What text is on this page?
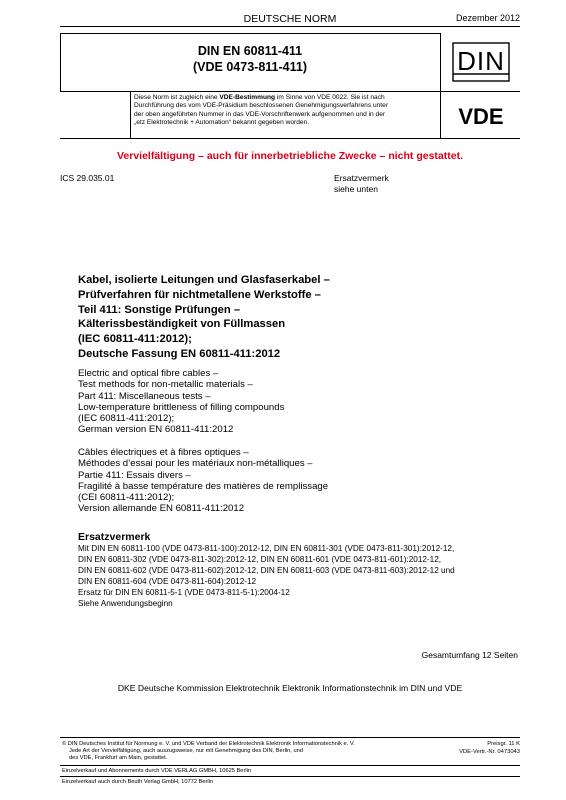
DEUTSCHE NORM	Dezember 2012
DIN EN 60811-411
(VDE 0473-811-411)	DIN
Diese Norm ist zugleich eine VDE-Bestimmung im Sinne von VDE 0022. Sie ist nach
Durchführung des vom VDE-Präsidium beschlossenen Genehmigungsverfahrens unter
der oben angeführten Nummer in das VDE-Vorschriftenwerk aufgenommen und in der
„etz Elektrotechnik + Automation“ bekannt gegeben worden.	VDE
Vervielfältigung – auch für innerbetriebliche Zwecke – nicht gestattet.
ICS 29.035.01	Ersatzvermerk
siehe unten
Kabel, isolierte Leitungen und Glasfaserkabel –
Prüfverfahren für nichtmetallene Werkstoffe –
Teil 411: Sonstige Prüfungen –
Kälterissbeständigkeit von Füllmassen
(IEC 60811-411:2012);
Deutsche Fassung EN 60811-411:2012
Electric and optical fibre cables –
Test methods for non-metallic materials –
Part 411: Miscellaneous tests –
Low-temperature brittleness of filling compounds
(IEC 60811-411:2012);
German version EN 60811-411:2012
Câbles électriques et à fibres optiques –
Méthodes d’essai pour les matériaux non-métalliques –
Partie 411: Essais divers –
Fragilité à basse température des matières de remplissage
(CEI 60811-411:2012);
Version allemande EN 60811-411:2012
Ersatzvermerk
Mit DIN EN 60811-100 (VDE 0473-811-100):2012-12, DIN EN 60811-301 (VDE 0473-811-301):2012-12,
DIN EN 60811-302 (VDE 0473-811-302):2012-12, DIN EN 60811-601 (VDE 0473-811-601):2012-12,
DIN EN 60811-602 (VDE 0473-811-602):2012-12, DIN EN 60811-603 (VDE 0473-811-603):2012-12 und
DIN EN 60811-604 (VDE 0473-811-604):2012-12
Ersatz für DIN EN 60811-5-1 (VDE 0473-811-5-1):2004-12
Siehe Anwendungsbeginn
Gesamtumfang 12 Seiten
DKE Deutsche Kommission Elektrotechnik Elektronik Informationstechnik im DIN und VDE
© DIN Deutsches Institut für Normung e. V. und VDE Verband der Elektrotechnik Elektronik Informationstechnik e. V.
Jede Art der Vervielfältigung, auch auszugsweise, nur mit Genehmigung des DIN, Berlin, und
des VDE, Frankfurt am Main, gestattet.
Preisgr. 11 K
VDE-Vertr.-Nr. 0473043
Einzelverkauf und Abonnements durch VDE VERLAG GMBH, 10625 Berlin
Einzelverkauf auch durch Beuth Verlag GmbH, 10772 Berlin
